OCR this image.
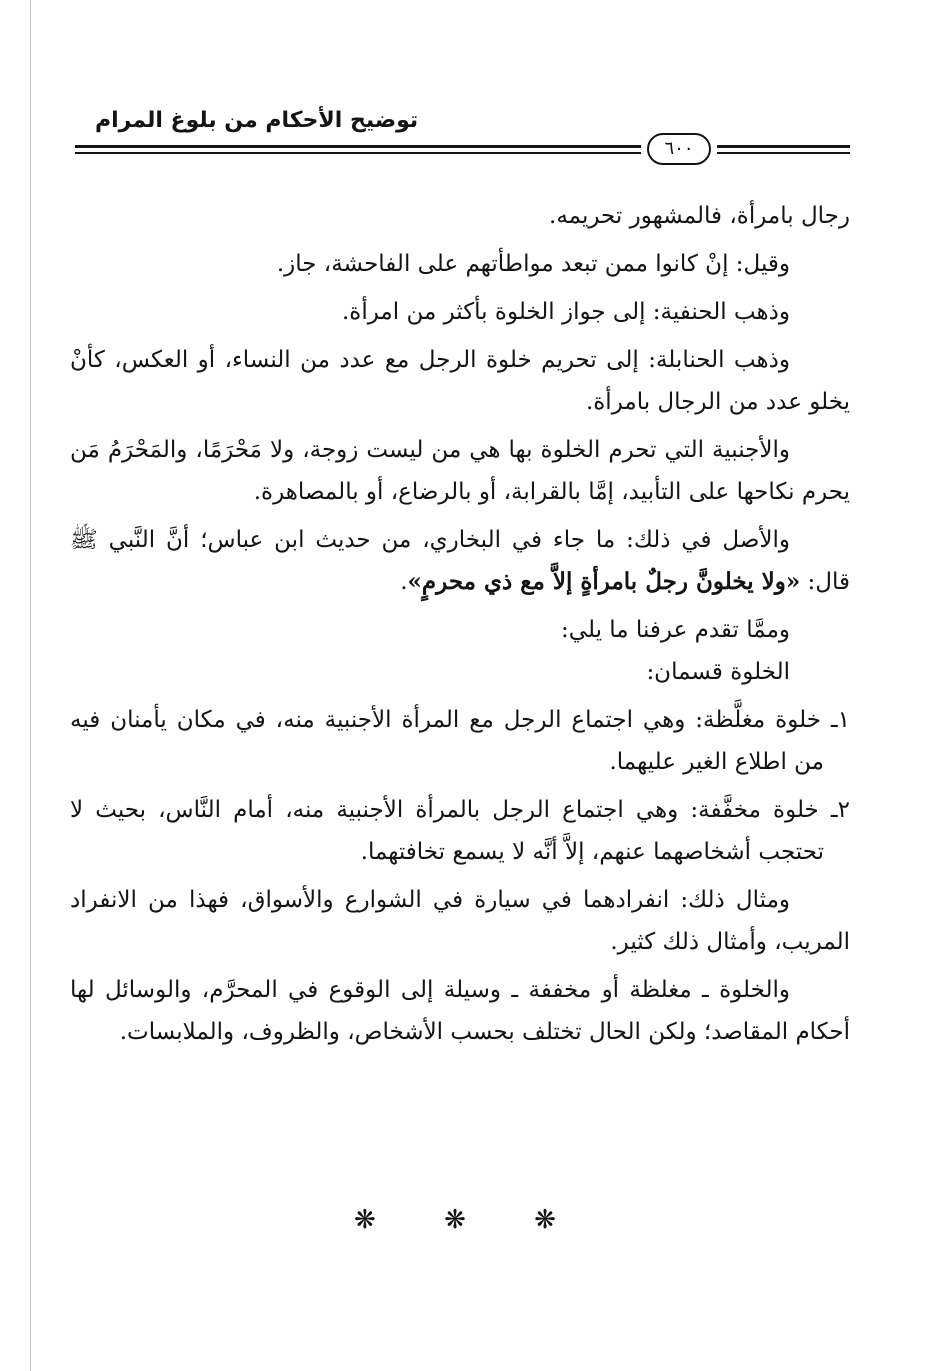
توضيح الأحكام من بلوغ المرام
٦٠٠

رجال بامرأة، فالمشهور تحريمه.

وقيل: إنْ كانوا ممن تبعد مواطأتهم على الفاحشة، جاز.

وذهب الحنفية: إلى جواز الخلوة بأكثر من امرأة.

وذهب الحنابلة: إلى تحريم خلوة الرجل مع عدد من النساء، أو العكس، كأنْ يخلو عدد من الرجال بامرأة.

والأجنبية التي تحرم الخلوة بها هي من ليست زوجة، ولا مَحْرَمًا، والمَحْرَمُ مَن يحرم نكاحها على التأبيد، إمَّا بالقرابة، أو بالرضاع، أو بالمصاهرة.

والأصل في ذلك: ما جاء في البخاري، من حديث ابن عباس؛ أنَّ النَّبي ﷺ قال: «ولا يخلونَّ رجلٌ بامرأةٍ إلاَّ مع ذي محرمٍ».

وممَّا تقدم عرفنا ما يلي:

الخلوة قسمان:

١ـ خلوة مغلَّظة: وهي اجتماع الرجل مع المرأة الأجنبية منه، في مكان يأمنان فيه من اطلاع الغير عليهما.

٢ـ خلوة مخفَّفة: وهي اجتماع الرجل بالمرأة الأجنبية منه، أمام النَّاس، بحيث لا تحتجب أشخاصهما عنهم، إلاَّ أنَّه لا يسمع تخافتهما.

ومثال ذلك: انفرادهما في سيارة في الشوارع والأسواق، فهذا من الانفراد المريب، وأمثال ذلك كثير.

والخلوة ـ مغلظة أو مخففة ـ وسيلة إلى الوقوع في المحرَّم، والوسائل لها أحكام المقاصد؛ ولكن الحال تختلف بحسب الأشخاص، والظروف، والملابسات.

❋ ❋ ❋
